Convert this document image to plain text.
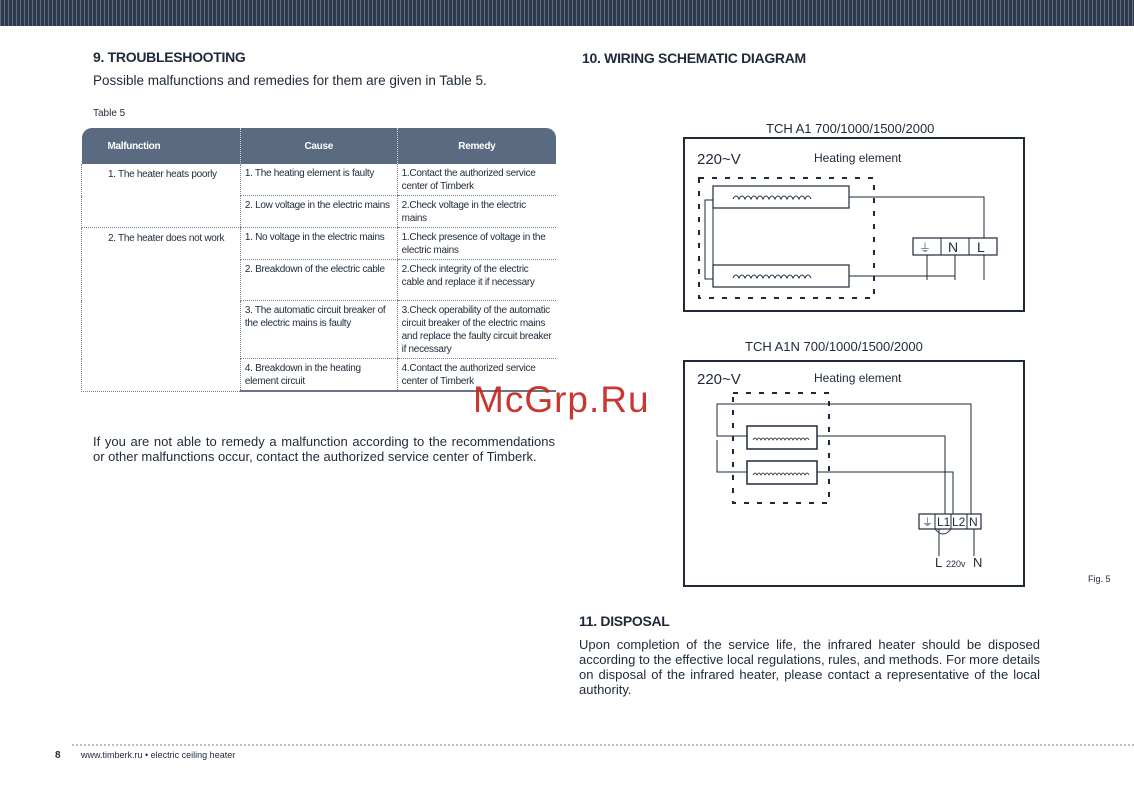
9. TROUBLESHOOTING
Possible malfunctions and remedies for them are given in Table 5.
Table 5
Malfunction	Cause	Remedy
1. The heater heats poorly	1. The heating element is faulty	1.Contact the authorized service center of Timberk
	2. Low voltage in the electric mains	2.Check voltage in the electric mains
2. The heater does not work	1. No voltage in the electric mains	1.Check presence of voltage in the electric mains
	2. Breakdown of the electric cable	2.Check integrity of the electric cable and replace it if necessary
	3. The automatic circuit breaker of the electric mains is faulty	3.Check operability of the automatic circuit breaker of the electric mains and replace the faulty circuit breaker if necessary
	4. Breakdown in the heating element circuit	4.Contact the authorized service center of Timberk
If you are not able to remedy a malfunction according to the recommendations or other malfunctions occur, contact the authorized service center of Timberk.
10. WIRING SCHEMATIC DIAGRAM
TCH A1 700/1000/1500/2000
220~V	Heating element
⏚ N L
TCH A1N 700/1000/1500/2000
220~V	Heating element
⏚ L1 L2 N
L 220v N
Fig. 5
McGrp.Ru
11. DISPOSAL
Upon completion of the service life, the infrared heater should be disposed according to the effective local regulations, rules, and methods. For more details on disposal of the infrared heater, please contact a representative of the local authority.
8 www.timberk.ru • electric ceiling heater
